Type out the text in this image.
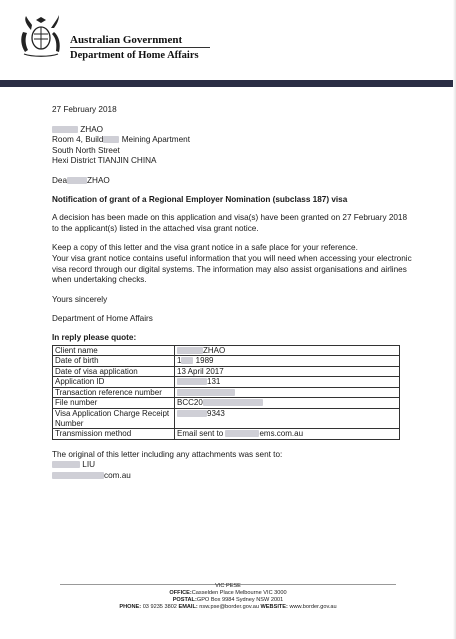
Australian Government
Department of Home Affairs

27 February 2018

ZHAO

Room 4, Build Meining Apartment

South North Street

Hexi District TIANJIN CHINA

Dea ZHAO

Notification of grant of a Regional Employer Nomination (subclass 187) visa

A decision has been made on this application and visa(s) have been granted on 27 February 2018 to the applicant(s) listed in the attached visa grant notice.

Keep a copy of this letter and the visa grant notice in a safe place for your reference.

Your visa grant notice contains useful information that you will need when accessing your electronic visa record through our digital systems. The information may also assist organisations and airlines when undertaking checks.

Yours sincerely

Department of Home Affairs

In reply please quote:

Client name	ZHAO
Date of birth	1 1989
Date of visa application	13 April 2017
Application ID	131
Transaction reference number	
File number	BCC20
Visa Application Charge Receipt Number	9343
Transmission method	Email sent to ems.com.au

The original of this letter including any attachments was sent to:

LIU

com.au

VIC PESE
OFFICE:Casselden Place Melbourne VIC 3000
POSTAL:GPO Box 9984 Sydney NSW 2001
PHONE: 03 9235 3802 EMAIL: nsw.pse@border.gov.au WEBSITE: www.border.gov.au
